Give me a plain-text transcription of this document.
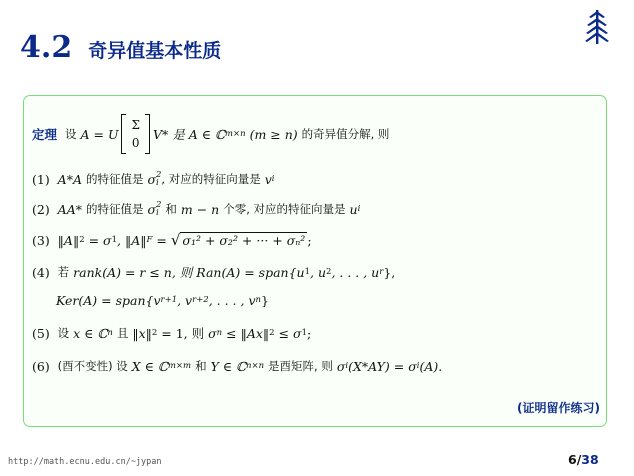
4.2 奇异值基本性质
定理 设
A = U
Σ
0
V* 是
A ∈ ℂ m×n
(m ≥ n)
的奇异值分解, 则
(1)
A*A
的特征值是
σ 2
i , 对应的特征向量是
v i
(2)
AA*
的特征值是
σ 2
i
和
m − n
个零, 对应的特征向量是
u i
(3)
‖A‖ 2
= σ 1 , ‖A‖ F
=
√ σ₁² + σ₂² + ··· + σₙ² ;
(4)
若
rank(A) = r ≤ n, 则 Ran(A) = span{u 1 , u 2 , . . . , u r },
Ker(A) = span{v r+1 , v r+2 , . . . , v n }
(5)
设
x ∈ ℂ n
且
‖x‖ 2
= 1, 则
σ n
≤ ‖Ax‖ 2
≤ σ 1 ;
(6)
(酉不变性) 设
X ∈ ℂ m×m
和
Y ∈ ℂ n×n
是酉矩阵, 则
σ i (X*AY) = σ i (A).
(证明留作练习)
http://math.ecnu.edu.cn/~jypan	6/38
